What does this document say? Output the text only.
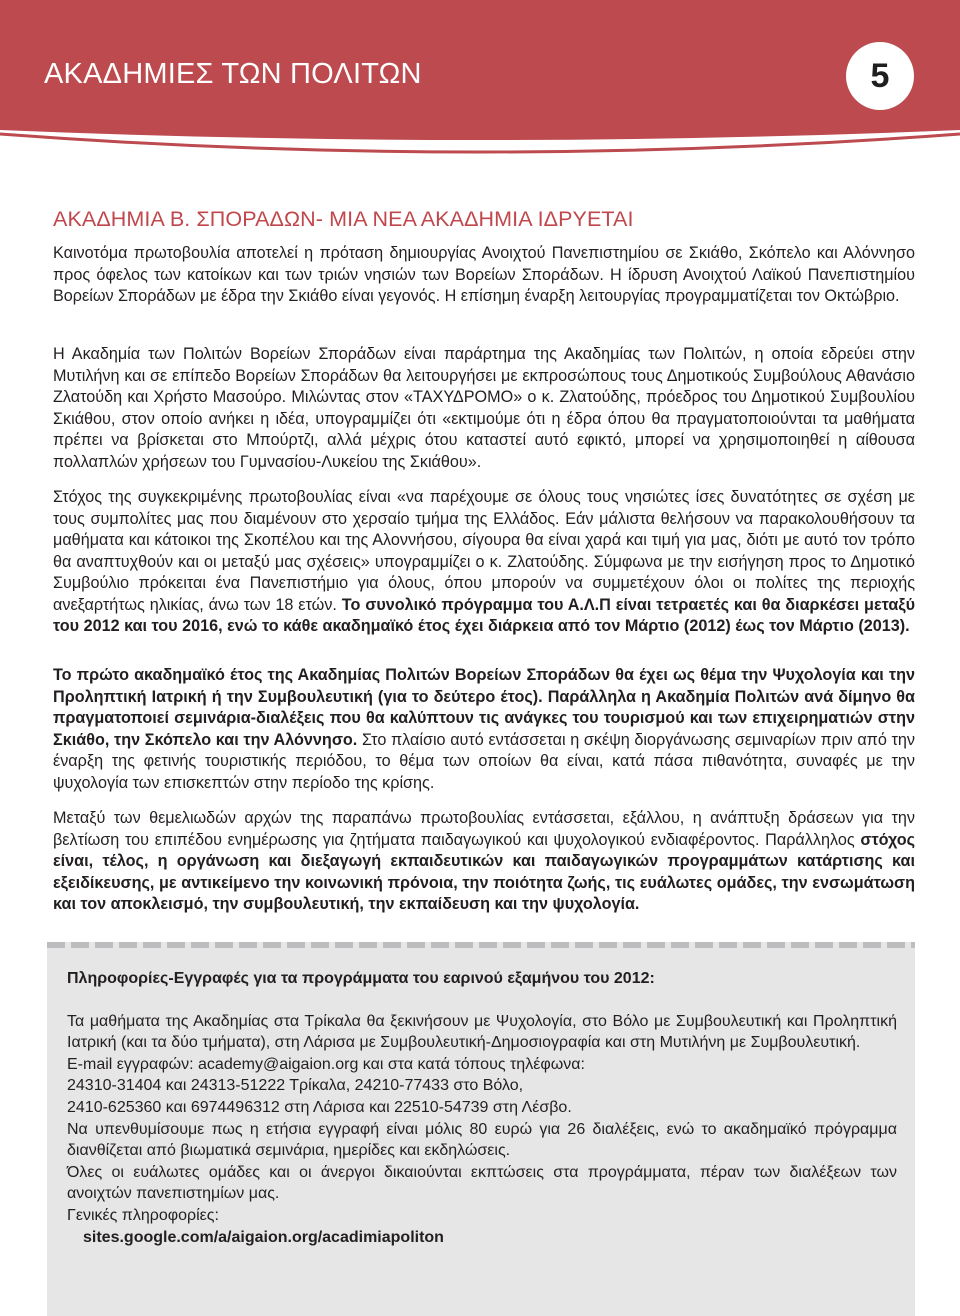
ΑΚΑΔΗΜΙΕΣ ΤΩΝ ΠΟΛΙΤΩΝ	5
ΑΚΑΔΗΜΙΑ Β. ΣΠΟΡΑΔΩΝ- ΜΙΑ ΝΕΑ ΑΚΑΔΗΜΙΑ ΙΔΡΥΕΤΑΙ
Καινοτόμα πρωτοβουλία αποτελεί η πρόταση δημιουργίας Ανοιχτού Πανεπιστημίου σε Σκιάθο, Σκόπελο και Αλόννησο προς όφελος των κατοίκων και των τριών νησιών των Βορείων Σποράδων. Η ίδρυση Ανοιχτού Λαϊκού Πανεπιστημίου Βορείων Σποράδων με έδρα την Σκιάθο είναι γεγονός. Η επίσημη έναρξη λειτουργίας προγραμματίζεται τον Οκτώβριο.
Η Ακαδημία των Πολιτών Βορείων Σποράδων είναι παράρτημα της Ακαδημίας των Πολιτών, η οποία εδρεύει στην Μυτιλήνη και σε επίπεδο Βορείων Σποράδων θα λειτουργήσει με εκπροσώπους τους Δημοτικούς Συμβούλους Αθανάσιο Ζλατούδη και Χρήστο Μασούρο. Μιλώντας στον «ΤΑΧΥΔΡΟΜΟ» ο κ. Ζλατούδης, πρόεδρος του Δημοτικού Συμβουλίου Σκιάθου, στον οποίο ανήκει η ιδέα, υπογραμμίζει ότι «εκτιμούμε ότι η έδρα όπου θα πραγματοποιούνται τα μαθήματα πρέπει να βρίσκεται στο Μπούρτζι, αλλά μέχρις ότου καταστεί αυτό εφικτό, μπορεί να χρησιμοποιηθεί η αίθουσα πολλαπλών χρήσεων του Γυμνασίου-Λυκείου της Σκιάθου».
Στόχος της συγκεκριμένης πρωτοβουλίας είναι «να παρέχουμε σε όλους τους νησιώτες ίσες δυνατότητες σε σχέση με τους συμπολίτες μας που διαμένουν στο χερσαίο τμήμα της Ελλάδος. Εάν μάλιστα θελήσουν να παρακολουθήσουν τα μαθήματα και κάτοικοι της Σκοπέλου και της Αλοννήσου, σίγουρα θα είναι χαρά και τιμή για μας, διότι με αυτό τον τρόπο θα αναπτυχθούν και οι μεταξύ μας σχέσεις» υπογραμμίζει ο κ. Ζλατούδης. Σύμφωνα με την εισήγηση προς το Δημοτικό Συμβούλιο πρόκειται ένα Πανεπιστήμιο για όλους, όπου μπορούν να συμμετέχουν όλοι οι πολίτες της περιοχής ανεξαρτήτως ηλικίας, άνω των 18 ετών. Το συνολικό πρόγραμμα του Α.Λ.Π είναι τετραετές και θα διαρκέσει μεταξύ του 2012 και του 2016, ενώ το κάθε ακαδημαϊκό έτος έχει διάρκεια από τον Μάρτιο (2012) έως τον Μάρτιο (2013).
Το πρώτο ακαδημαϊκό έτος της Ακαδημίας Πολιτών Βορείων Σποράδων θα έχει ως θέμα την Ψυχολογία και την Προληπτική Ιατρική ή την Συμβουλευτική (για το δεύτερο έτος). Παράλληλα η Ακαδημία Πολιτών ανά δίμηνο θα πραγματοποιεί σεμινάρια-διαλέξεις που θα καλύπτουν τις ανάγκες του τουρισμού και των επιχειρηματιών στην Σκιάθο, την Σκόπελο και την Αλόννησο. Στο πλαίσιο αυτό εντάσσεται η σκέψη διοργάνωσης σεμιναρίων πριν από την έναρξη της φετινής τουριστικής περιόδου, το θέμα των οποίων θα είναι, κατά πάσα πιθανότητα, συναφές με την ψυχολογία των επισκεπτών στην περίοδο της κρίσης.
Μεταξύ των θεμελιωδών αρχών της παραπάνω πρωτοβουλίας εντάσσεται, εξάλλου, η ανάπτυξη δράσεων για την βελτίωση του επιπέδου ενημέρωσης για ζητήματα παιδαγωγικού και ψυχολογικού ενδιαφέροντος. Παράλληλος στόχος είναι, τέλος, η οργάνωση και διεξαγωγή εκπαιδευτικών και παιδαγωγικών προγραμμάτων κατάρτισης και εξειδίκευσης, με αντικείμενο την κοινωνική πρόνοια, την ποιότητα ζωής, τις ευάλωτες ομάδες, την ενσωμάτωση και τον αποκλεισμό, την συμβουλευτική, την εκπαίδευση και την ψυχολογία.
Πληροφορίες-Εγγραφές για τα προγράμματα του εαρινού εξαμήνου του 2012:
Τα μαθήματα της Ακαδημίας στα Τρίκαλα θα ξεκινήσουν με Ψυχολογία, στο Βόλο με Συμβουλευτική και Προληπτική Ιατρική (και τα δύο τμήματα), στη Λάρισα με Συμβουλευτική-Δημοσιογραφία και στη Μυτιλήνη με Συμβουλευτική.
E-mail εγγραφών: academy@aigaion.org και στα κατά τόπους τηλέφωνα:
24310-31404 και 24313-51222 Τρίκαλα, 24210-77433 στο Βόλο,
2410-625360 και 6974496312 στη Λάρισα και 22510-54739 στη Λέσβο.
Να υπενθυμίσουμε πως η ετήσια εγγραφή είναι μόλις 80 ευρώ για 26 διαλέξεις, ενώ το ακαδημαϊκό πρόγραμμα διανθίζεται από βιωματικά σεμινάρια, ημερίδες και εκδηλώσεις.
Όλες οι ευάλωτες ομάδες και οι άνεργοι δικαιούνται εκπτώσεις στα προγράμματα, πέραν των διαλέξεων των ανοιχτών πανεπιστημίων μας.
Γενικές πληροφορίες:
sites.google.com/a/aigaion.org/acadimiapoliton
